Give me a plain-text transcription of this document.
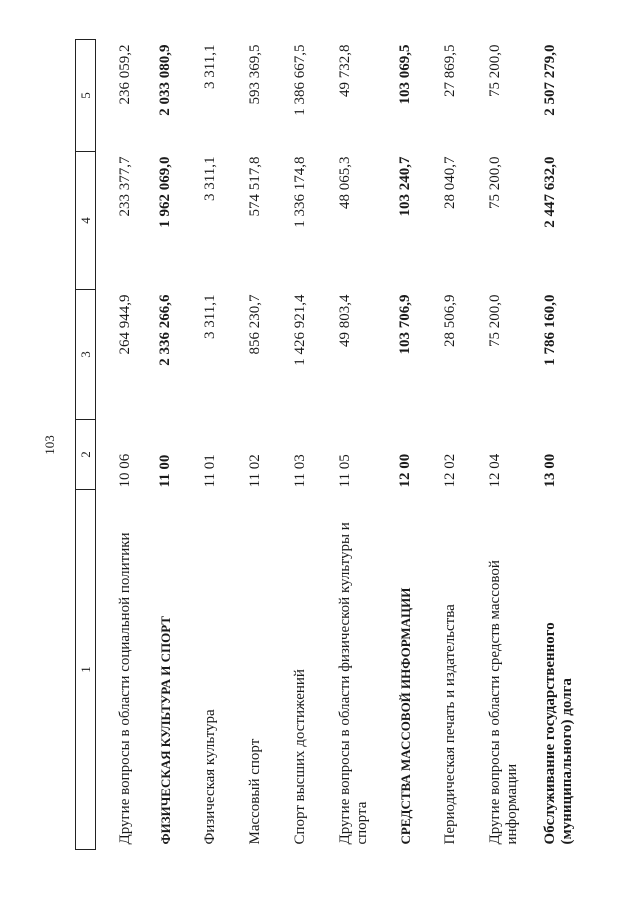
103
1	2	3	4	5

Другие вопросы в области социальной политики	10 06	264 944,9	233 377,7	236 059,2
ФИЗИЧЕСКАЯ КУЛЬТУРА И СПОРТ	11 00	2 336 266,6	1 962 069,0	2 033 080,9
Физическая культура	11 01	3 311,1	3 311,1	3 311,1
Массовый спорт	11 02	856 230,7	574 517,8	593 369,5
Спорт высших достижений	11 03	1 426 921,4	1 336 174,8	1 386 667,5
Другие вопросы в области физической культуры и
спорта	11 05	49 803,4	48 065,3	49 732,8
СРЕДСТВА МАССОВОЙ ИНФОРМАЦИИ	12 00	103 706,9	103 240,7	103 069,5
Периодическая печать и издательства	12 02	28 506,9	28 040,7	27 869,5
Другие вопросы в области средств массовой
информации	12 04	75 200,0	75 200,0	75 200,0
Обслуживание государственного
(муниципального) долга	13 00	1 786 160,0	2 447 632,0	2 507 279,0
